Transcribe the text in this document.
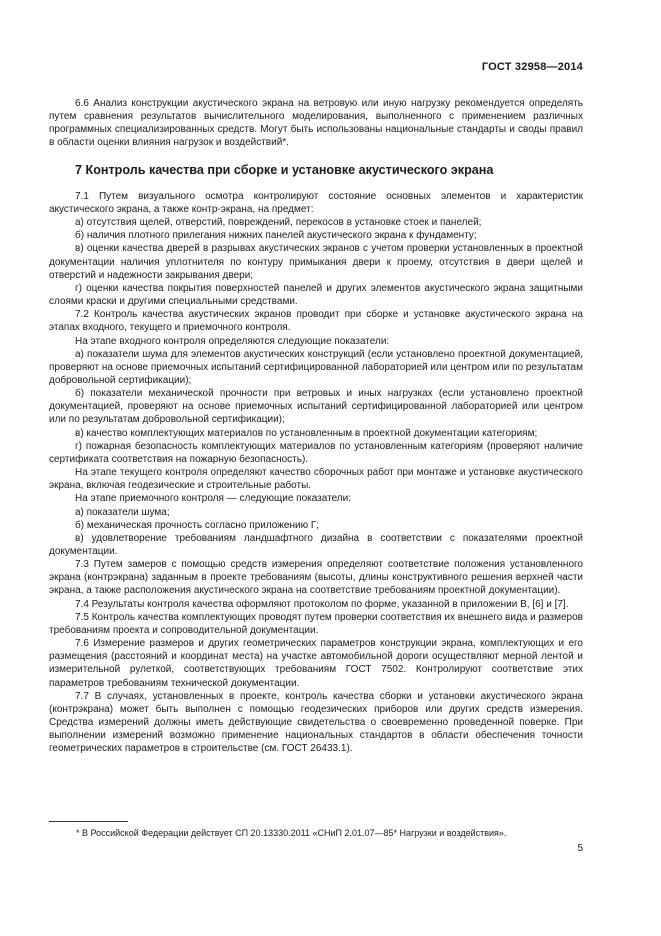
ГОСТ 32958—2014

6.6 Анализ конструкции акустического экрана на ветровую или иную нагрузку рекомендуется определять путем сравнения результатов вычислительного моделирования, выполненного с применением различных программных специализированных средств. Могут быть использованы национальные стандарты и своды правил в области оценки влияния нагрузок и воздействий*.

7 Контроль качества при сборке и установке акустического экрана

7.1 Путем визуального осмотра контролируют состояние основных элементов и характеристик акустического экрана, а также контр-экрана, на предмет:

а) отсутствия щелей, отверстий, повреждений, перекосов в установке стоек и панелей;

б) наличия плотного прилегания нижних панелей акустического экрана к фундаменту;

в) оценки качества дверей в разрывах акустических экранов с учетом проверки установленных в проектной документации наличия уплотнителя по контуру примыкания двери к проему, отсутствия в двери щелей и отверстий и надежности закрывания двери;

г) оценки качества покрытия поверхностей панелей и других элементов акустического экрана защитными слоями краски и другими специальными средствами.

7.2 Контроль качества акустических экранов проводит при сборке и установке акустического экрана на этапах входного, текущего и приемочного контроля.

На этапе входного контроля определяются следующие показатели:

а) показатели шума для элементов акустических конструкций (если установлено проектной документацией, проверяют на основе приемочных испытаний сертифицированной лабораторией или центром или по результатам добровольной сертификации);

б) показатели механической прочности при ветровых и иных нагрузках (если установлено проектной документацией, проверяют на основе приемочных испытаний сертифицированной лабораторией или центром или по результатам добровольной сертификации);

в) качество комплектующих материалов по установленным в проектной документации категориям;

г) пожарная безопасность комплектующих материалов по установленным категориям (проверяют наличие сертификата соответствия на пожарную безопасность).

На этапе текущего контроля определяют качество сборочных работ при монтаже и установке акустического экрана, включая геодезические и строительные работы.

На этапе приемочного контроля — следующие показатели:

а) показатели шума;

б) механическая прочность согласно приложению Г;

в) удовлетворение требованиям ландшафтного дизайна в соответствии с показателями проектной документации.

7.3 Путем замеров с помощью средств измерения определяют соответствие положения установленного экрана (контрэкрана) заданным в проекте требованиям (высоты, длины конструктивного решения верхней части экрана, а также расположения акустического экрана на соответствие требованиям проектной документации).

7.4 Результаты контроля качества оформляют протоколом по форме, указанной в приложении В, [6] и [7].

7.5 Контроль качества комплектующих проводят путем проверки соответствия их внешнего вида и размеров требованиям проекта и сопроводительной документации.

7.6 Измерение размеров и других геометрических параметров конструкции экрана, комплектующих и его размещения (расстояний и координат места) на участке автомобильной дороги осуществляют мерной лентой и измерительной рулеткой, соответствующих требованиям ГОСТ 7502. Контролируют соответствие этих параметров требованиям технической документации.

7.7 В случаях, установленных в проекте, контроль качества сборки и установки акустического экрана (контрэкрана) может быть выполнен с помощью геодезических приборов или других средств измерения. Средства измерений должны иметь действующие свидетельства о своевременно проведенной поверке. При выполнении измерений возможно применение национальных стандартов в области обеспечения точности геометрических параметров в строительстве (см. ГОСТ 26433.1).

* В Российской Федерации действует СП 20.13330.2011 «СНиП 2.01.07—85* Нагрузки и воздействия».
5
